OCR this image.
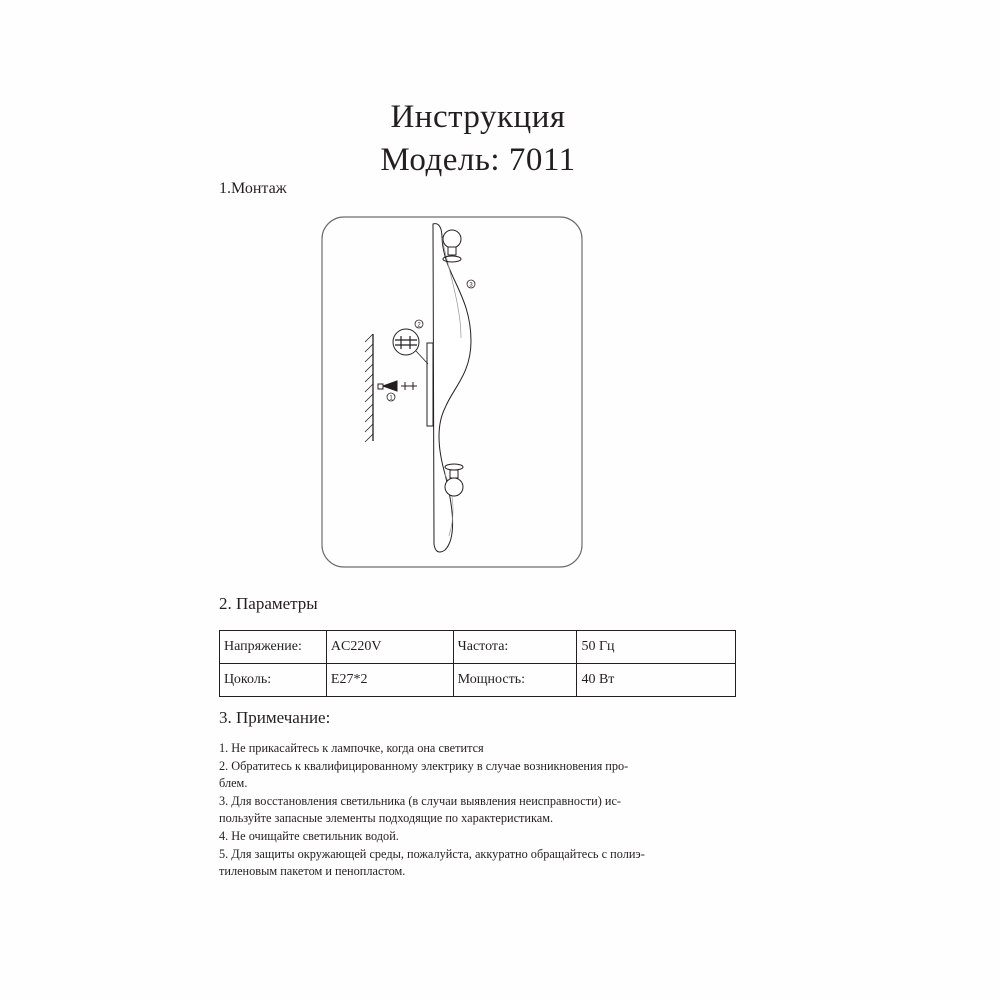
Инструкция
Модель: 7011
1.Монтаж
3
2
1
2. Параметры
Напряжение:	AC220V	Частота:	50 Гц
Цоколь:	E27*2	Мощность:	40 Вт
3. Примечание:
1. Не прикасайтесь к лампочке, когда она светится
2. Обратитесь к квалифицированному электрику в случае возникновения про-
блем.
3. Для восстановления светильника (в случаи выявления неисправности) ис-
пользуйте запасные элементы подходящие по характеристикам.
4. Не очищайте светильник водой.
5. Для защиты окружающей среды, пожалуйста, аккуратно обращайтесь с полиэ-
тиленовым пакетом и пенопластом.
